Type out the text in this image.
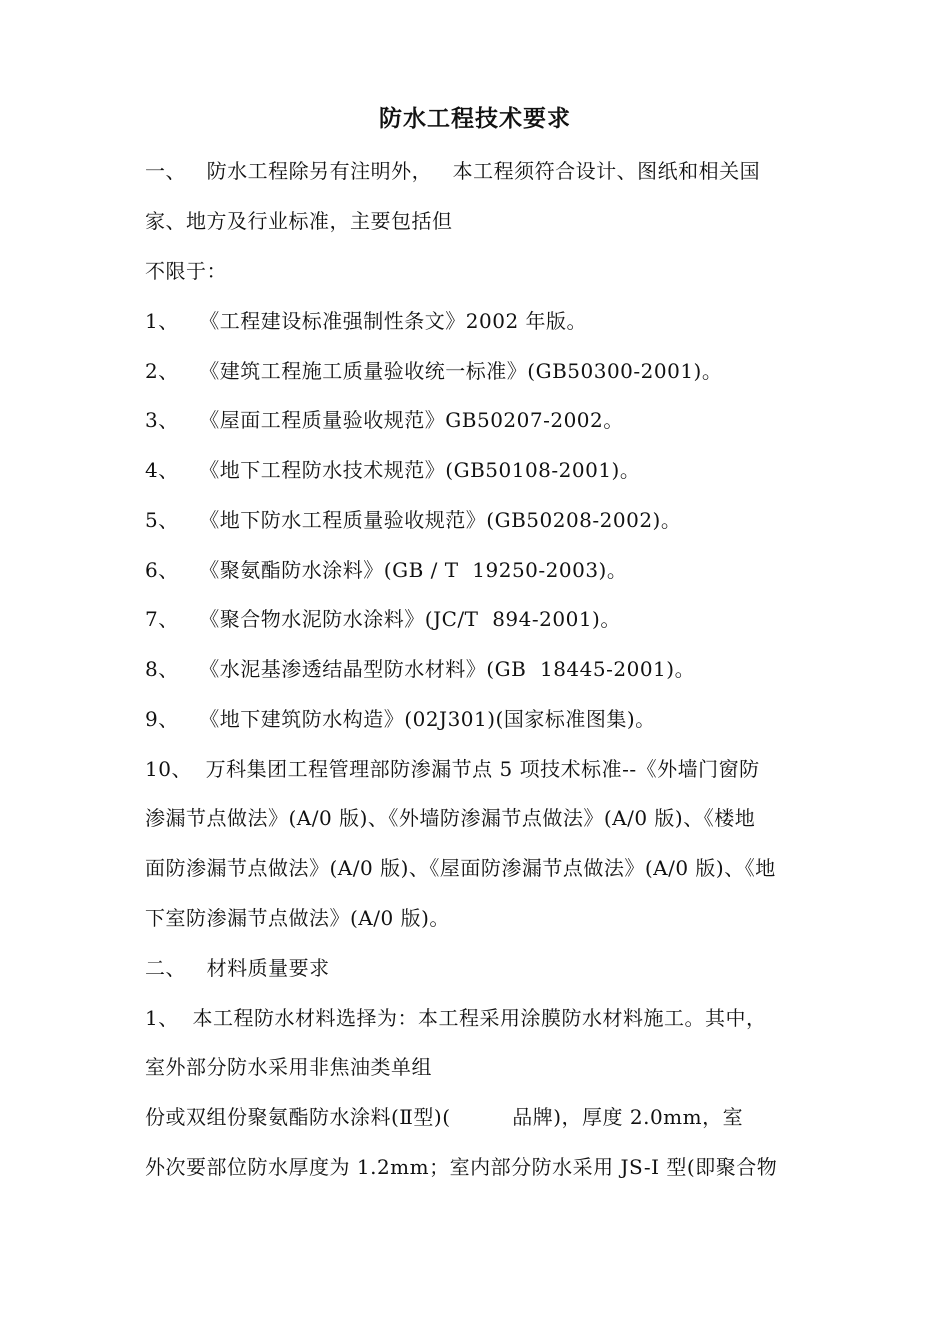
防水工程技术要求
一、   防水工程除另有注明外，   本工程须符合设计、图纸和相关国
家、地方及行业标准，主要包括但
不限于：
1、   《工程建设标准强制性条文》2002 年版。
2、   《建筑工程施工质量验收统一标准》(GB50300-2001)。
3、   《屋面工程质量验收规范》GB50207-2002。
4、   《地下工程防水技术规范》(GB50108-2001)。
5、   《地下防水工程质量验收规范》(GB50208-2002)。
6、   《聚氨酯防水涂料》(GB / T  19250-2003)。
7、   《聚合物水泥防水涂料》(JC/T  894-2001)。
8、   《水泥基渗透结晶型防水材料》(GB  18445-2001)。
9、   《地下建筑防水构造》(02J301)(国家标准图集)。
10、  万科集团工程管理部防渗漏节点 5 项技术标准--《外墙门窗防
渗漏节点做法》(A/0 版)、《外墙防渗漏节点做法》(A/0 版)、《楼地
面防渗漏节点做法》(A/0 版)、《屋面防渗漏节点做法》(A/0 版)、《地
下室防渗漏节点做法》(A/0 版)。
二、   材料质量要求
1、  本工程防水材料选择为：本工程采用涂膜防水材料施工。其中，
室外部分防水采用非焦油类单组
份或双组份聚氨酯防水涂料(Ⅱ型)(         品牌)，厚度 2.0mm，室
外次要部位防水厚度为 1.2mm；室内部分防水采用 JS-I 型(即聚合物
